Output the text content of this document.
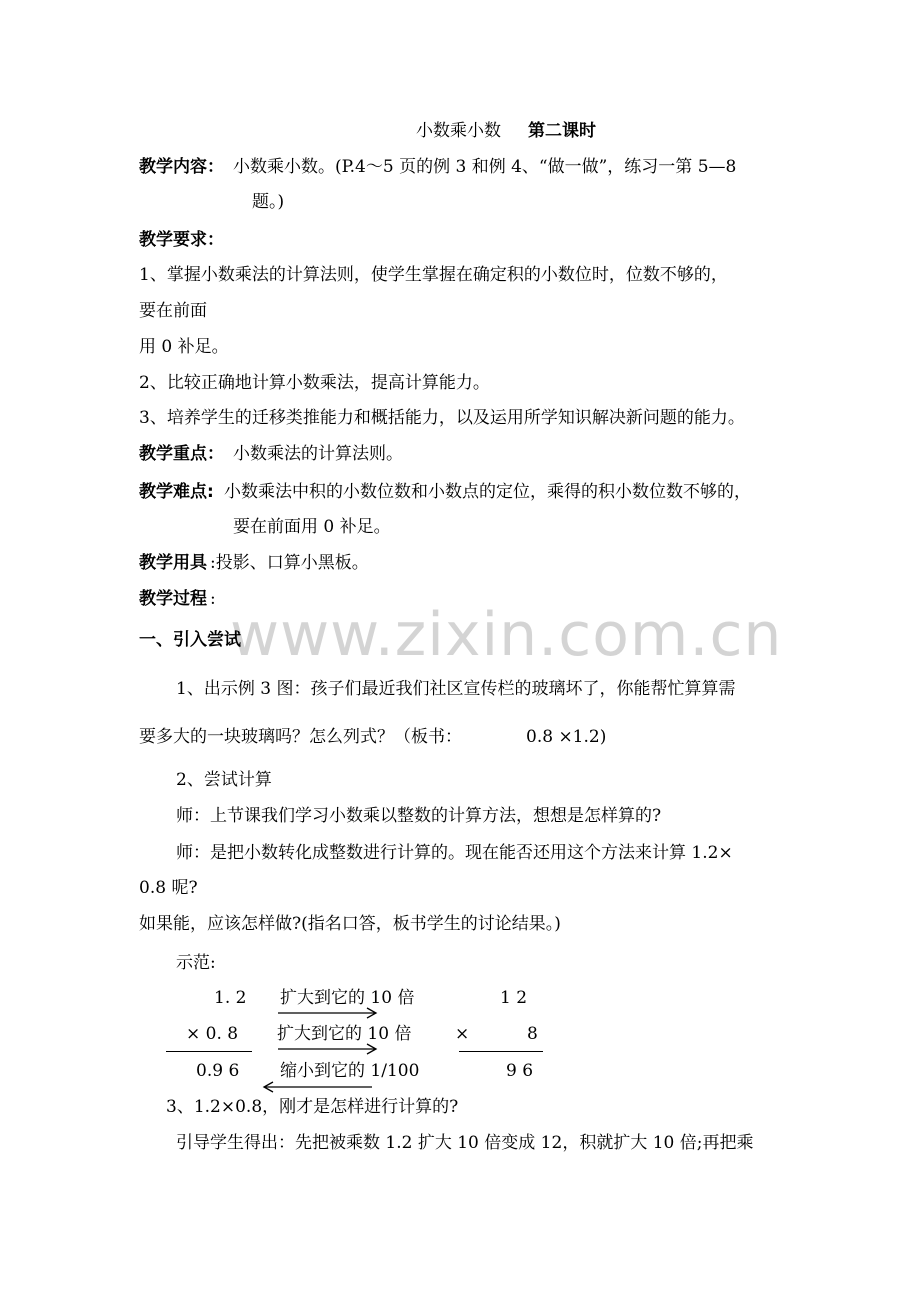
www.zixin.com.cn
小数乘小数 第二课时
教学内容： 小数乘小数。(P.4～5 页的例 3 和例 4、“做一做”，练习一第 5—8
题。)
教学要求：
1、掌握小数乘法的计算法则，使学生掌握在确定积的小数位时，位数不够的，
要在前面
用 0 补足。
2、比较正确地计算小数乘法，提高计算能力。
3、培养学生的迁移类推能力和概括能力，以及运用所学知识解决新问题的能力。
教学重点： 小数乘法的计算法则。
教学难点: 小数乘法中积的小数位数和小数点的定位，乘得的积小数位数不够的，
要在前面用 0 补足。
教学用具 :投影、口算小黑板。
教学过程 :
一、引入尝试
1、出示例 3 图：孩子们最近我们社区宣传栏的玻璃坏了，你能帮忙算算需
要多大的一块玻璃吗？怎么列式？（板书：	0.8 ×1.2)
2、尝试计算
师：上节课我们学习小数乘以整数的计算方法，想想是怎样算的?
师：是把小数转化成整数进行计算的。现在能否还用这个方法来计算 1.2×
0.8 呢?
如果能，应该怎样做?(指名口答，板书学生的讨论结果。)
示范:
1. 2
× 0. 8
0.9 6
扩大到它的 10 倍
扩大到它的 10 倍
缩小到它的 1/100
1 2
×	8
9 6
3、1.2×0.8，刚才是怎样进行计算的?
引导学生得出：先把被乘数 1.2 扩大 10 倍变成 12，积就扩大 10 倍;再把乘
